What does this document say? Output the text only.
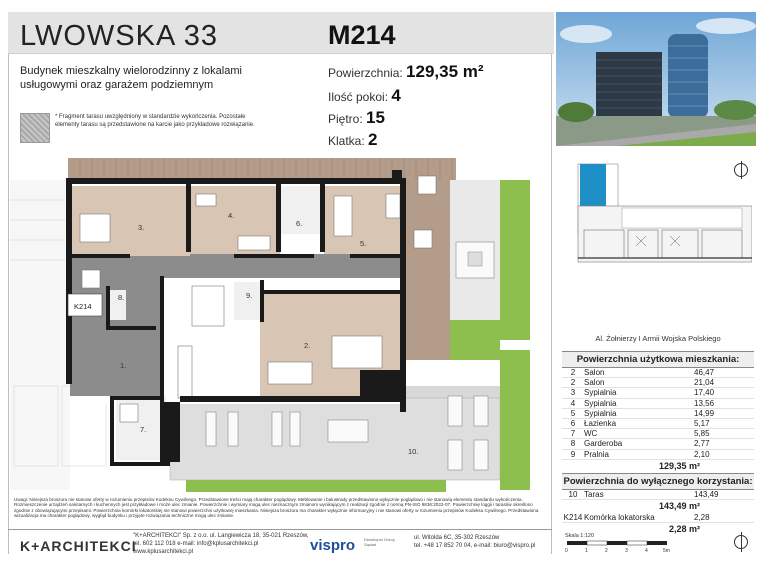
LWOWSKA 33	M214
Budynek mieszkalny wielorodzinny z lokalami usługowymi oraz garażem podziemnym
* Fragment tarasu uwzględniony w standardzie wykończenia. Pozostałe elementy tarasu są przedstawione na karcie jako przykładowe rozwiązanie.
Powierzchnia: 129,35 m²
Ilość pokoi: 4
Piętro: 15
Klatka: 2
Al. Żołnierzy I Armii Wojska Polskiego
Powierzchnia użytkowa mieszkania:
2	Salon	46,47
2	Salon	21,04
3	Sypialnia	17,40
4	Sypialnia	13,56
5	Sypialnia	14,99
6	Łazienka	5,17
7	WC	5,85
8	Garderoba	2,77
9	Pralnia	2,10
129,35 m²
Powierzchnia do wyłącznego korzystania:
10 Taras	143,49
143,49 m²
K214 Komórka lokatorska	2,28
2,28 m²
1.
2.
3.
4.
5.
6.
7.
8.	9.
10.
K214
Uwagi: Niniejsza broszura nie stanowi oferty w rozumieniu przepisów Kodeksu Cywilnego. Przedstawione treści mają charakter poglądowy. Meblowanie i balustrady przedstawiono wyłącznie poglądowo i nie stanowią elementu standardu wykończenia. Rozmieszczenie urządzeń sanitarnych i kuchennych jest przykładowe i może ulec zmianie. Powierzchnie i wymiary mogą ulec nieznacznym zmianom wynikającym z realizacji zgodnie z normą PN-ISO 9836:2022-07. Powierzchnię loggii i tarasów określono zgodnie z obowiązującymi przepisami. Powierzchnia komórki lokatorskiej nie stanowi powierzchni użytkowej mieszkania. Niniejsza broszura ma charakter wyłącznie informacyjny i nie stanowi oferty w rozumieniu przepisów Kodeksu Cywilnego. Przedstawiona wizualizacja ma charakter poglądowy, wygląd budynku i przyjęte rozwiązania techniczne mogą ulec zmianie.
K+ARCHITEKCI
"K+ARCHITEKCI" Sp. z o.o. ul. Langiewicza 18, 35-021 Rzeszów,
tel. 602 112 018 e-mail: info@kplusarchitekci.pl
www.kplusarchitekci.pl	vispro Deweloper Dobry Sąsiad
ul. Witolda 6C, 35-302 Rzeszów
tel. +48 17 852 70 04, e-mail: biuro@vispro.pl
Skala 1:120
0	1	2	3	4	5m
